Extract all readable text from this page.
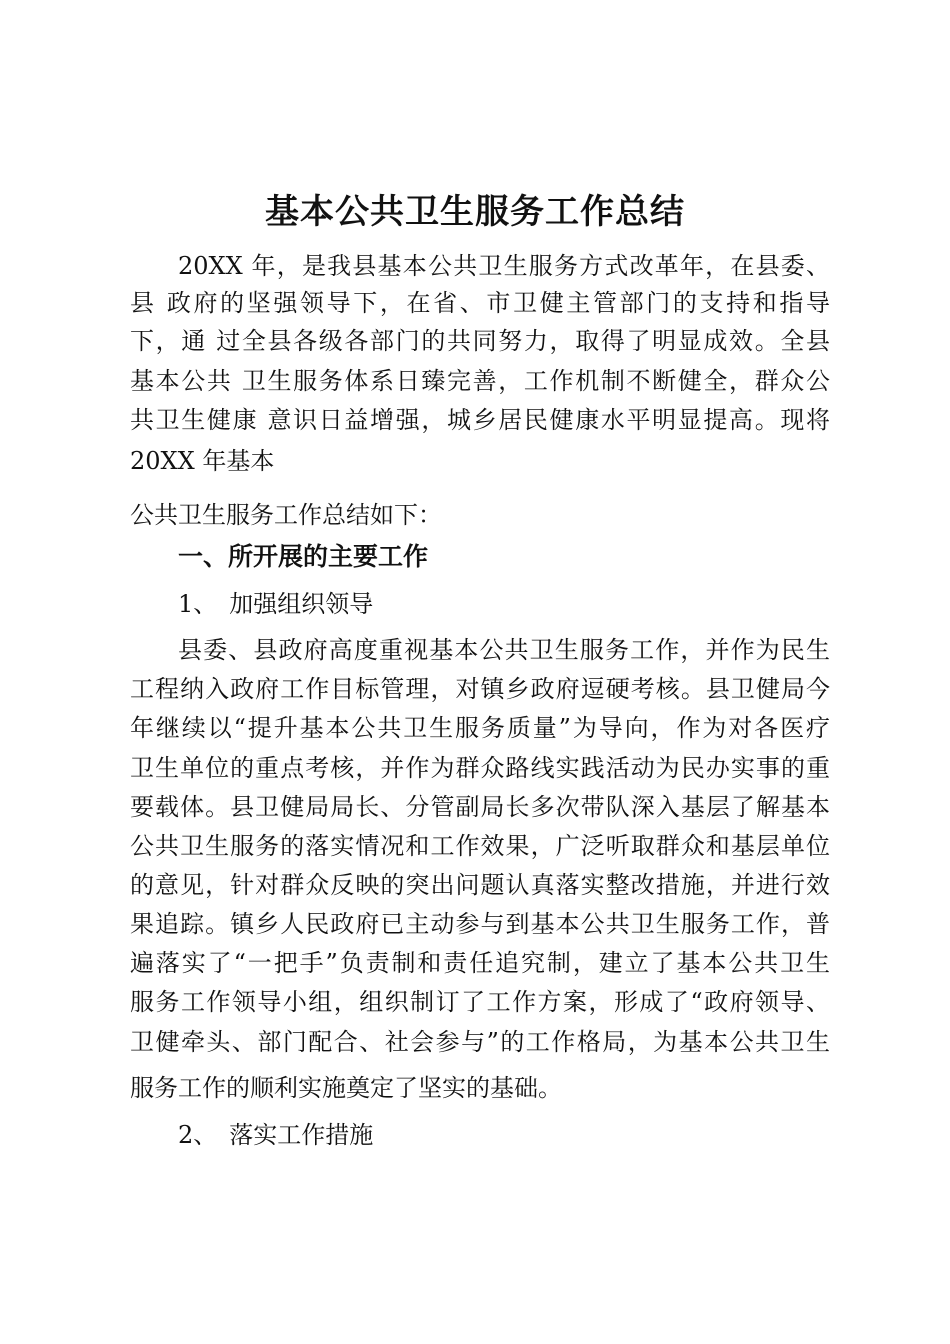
基本公共卫生服务工作总结
20XX 年，是我县基本公共卫生服务方式改革年，在县委、
县 政府的坚强领导下，在省、市卫健主管部门的支持和指导
下，通 过全县各级各部门的共同努力，取得了明显成效。全县
基本公共 卫生服务体系日臻完善，工作机制不断健全，群众公
共卫生健康 意识日益增强，城乡居民健康水平明显提高。现将
20XX 年基本
公共卫生服务工作总结如下：
一、所开展的主要工作
1、　加强组织领导
县委、县政府高度重视基本公共卫生服务工作，并作为民生
工程纳入政府工作目标管理，对镇乡政府逗硬考核。县卫健局今
年继续以“提升基本公共卫生服务质量”为导向，作为对各医疗
卫生单位的重点考核，并作为群众路线实践活动为民办实事的重
要载体。县卫健局局长、分管副局长多次带队深入基层了解基本
公共卫生服务的落实情况和工作效果，广泛听取群众和基层单位
的意见，针对群众反映的突出问题认真落实整改措施，并进行效
果追踪。镇乡人民政府已主动参与到基本公共卫生服务工作，普
遍落实了“一把手”负责制和责任追究制，建立了基本公共卫生
服务工作领导小组，组织制订了工作方案，形成了“政府领导、
卫健牵头、部门配合、社会参与”的工作格局，为基本公共卫生
服务工作的顺利实施奠定了坚实的基础。
2、　落实工作措施
